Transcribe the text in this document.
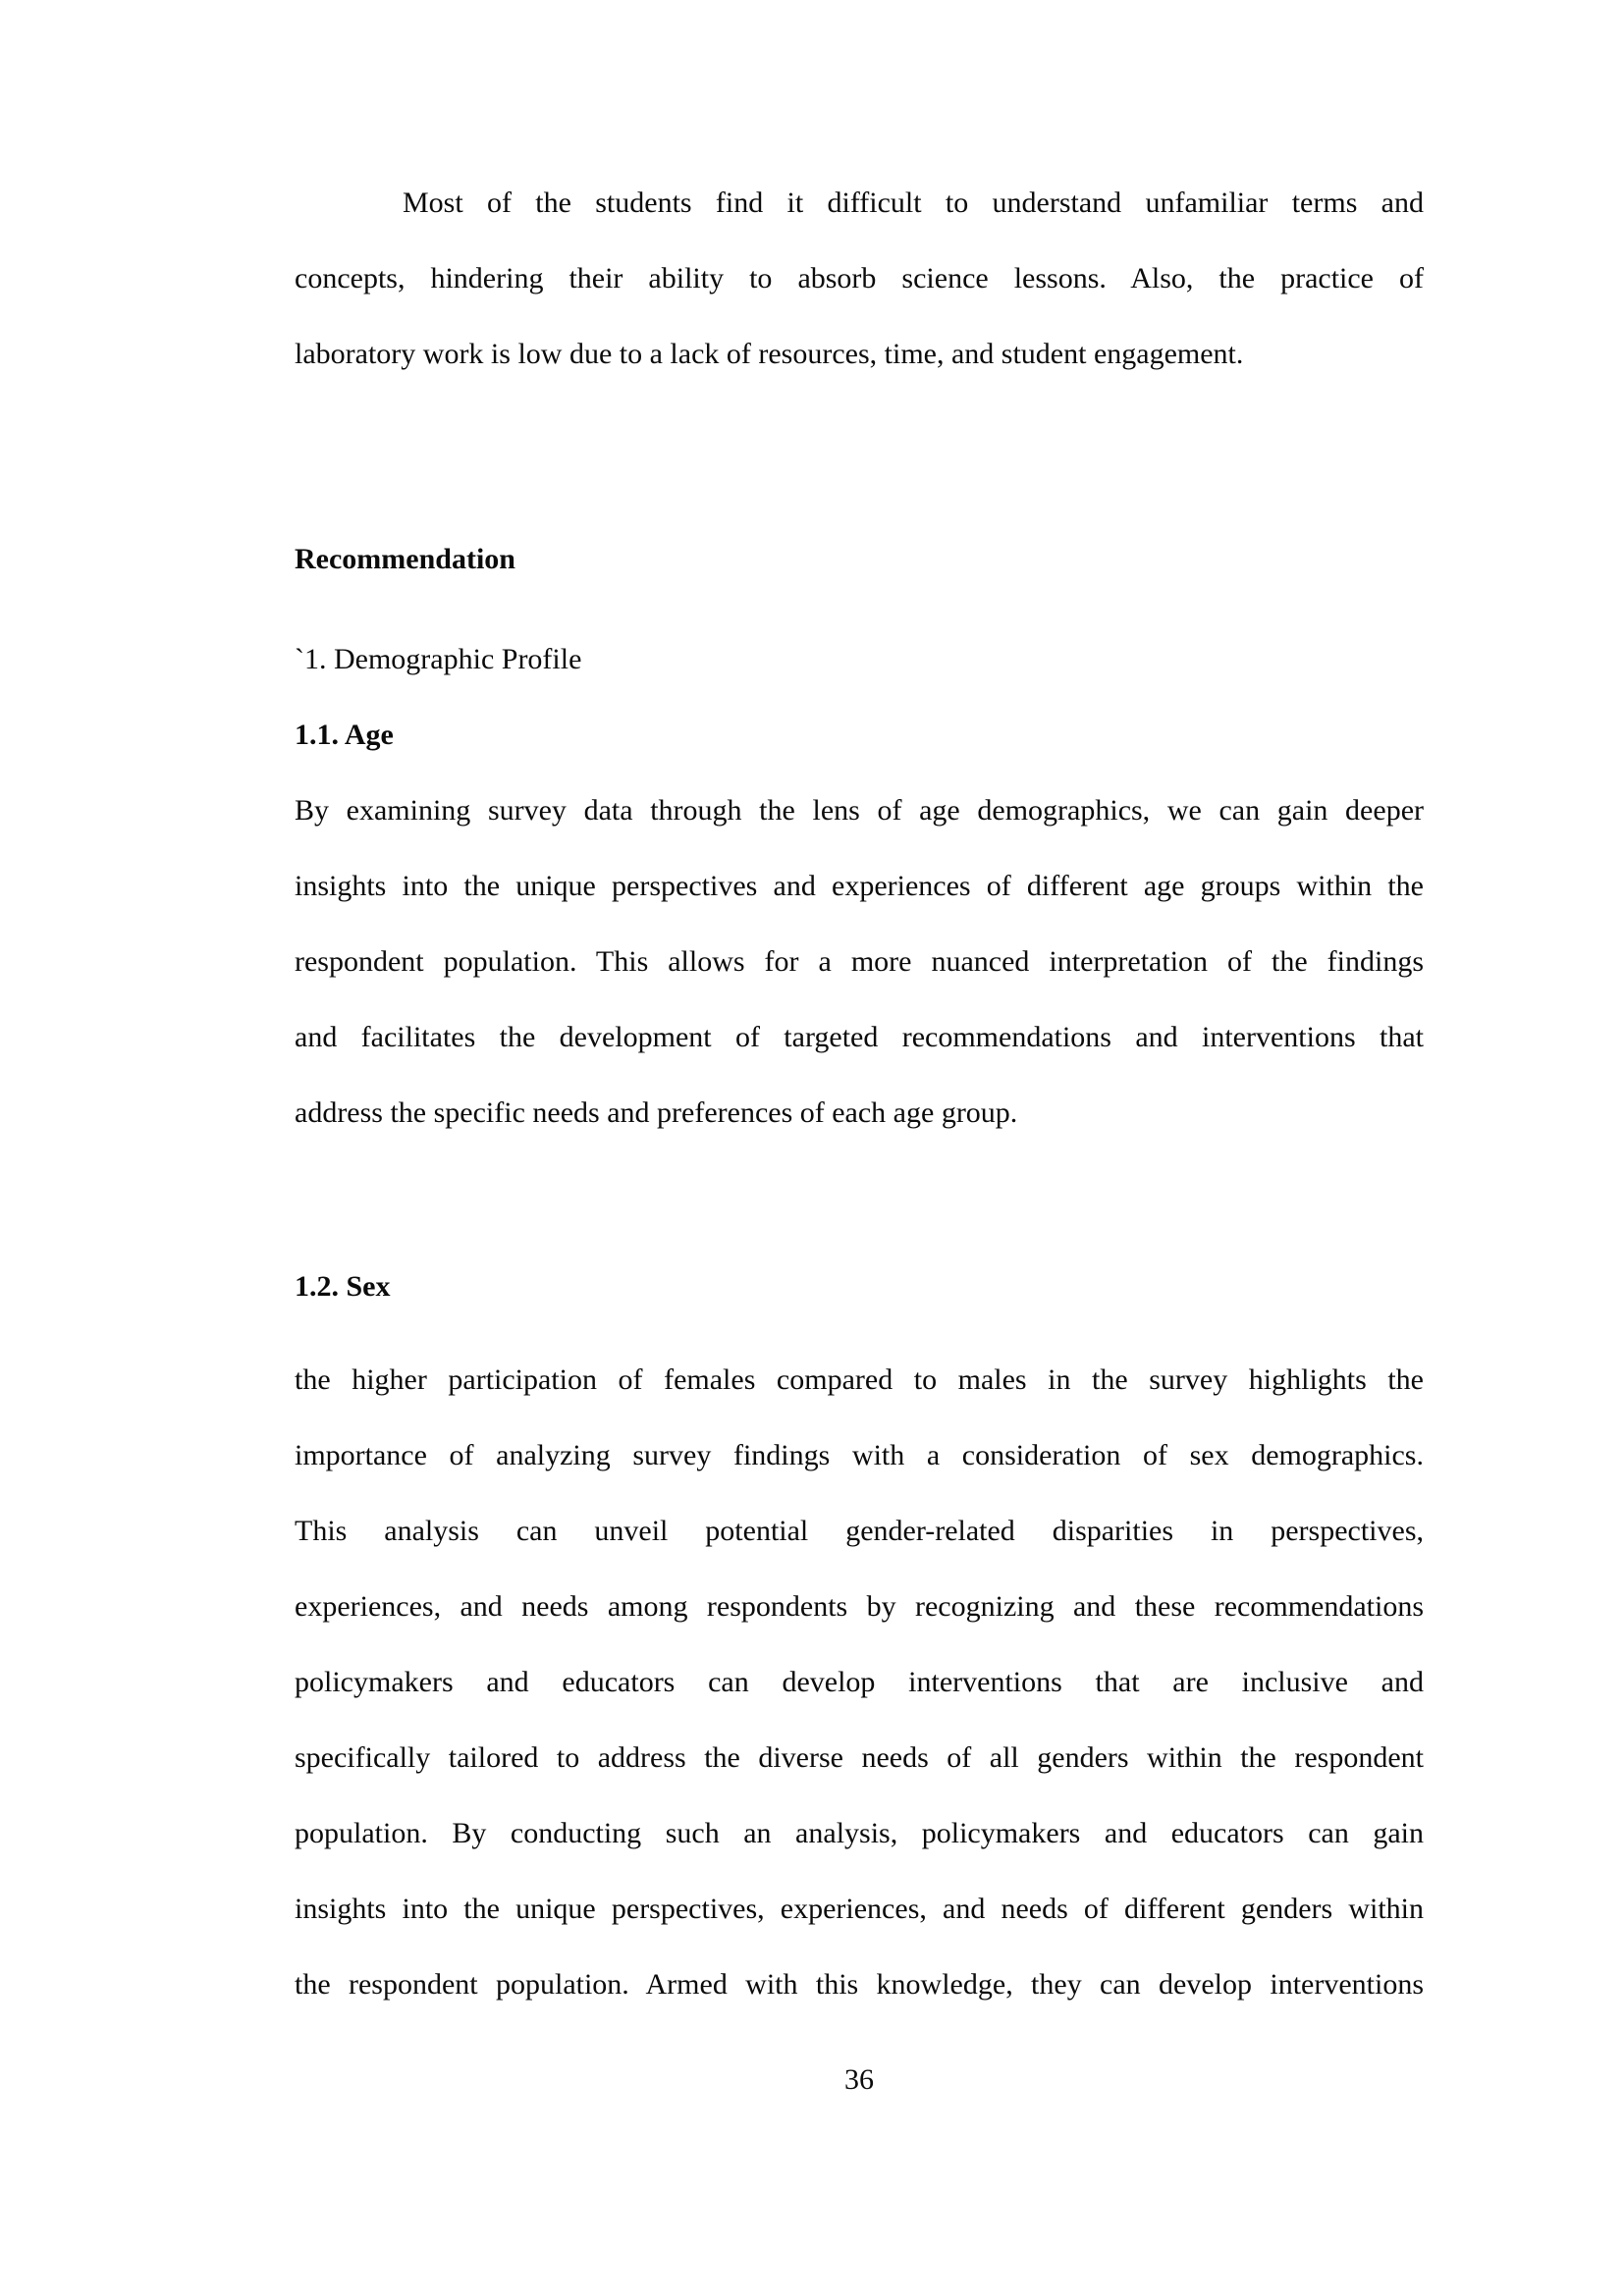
Most of the students find it difficult to understand unfamiliar terms and
concepts, hindering their ability to absorb science lessons. Also, the practice of
laboratory work is low due to a lack of resources, time, and student engagement.
Recommendation
`1. Demographic Profile
1.1. Age
By examining survey data through the lens of age demographics, we can gain deeper
insights into the unique perspectives and experiences of different age groups within the
respondent population. This allows for a more nuanced interpretation of the findings
and facilitates the development of targeted recommendations and interventions that
address the specific needs and preferences of each age group.
1.2. Sex
the higher participation of females compared to males in the survey highlights the
importance of analyzing survey findings with a consideration of sex demographics.
This analysis can unveil potential gender-related disparities in perspectives,
experiences, and needs among respondents by recognizing and these recommendations
policymakers and educators can develop interventions that are inclusive and
specifically tailored to address the diverse needs of all genders within the respondent
population. By conducting such an analysis, policymakers and educators can gain
insights into the unique perspectives, experiences, and needs of different genders within
the respondent population. Armed with this knowledge, they can develop interventions
36
